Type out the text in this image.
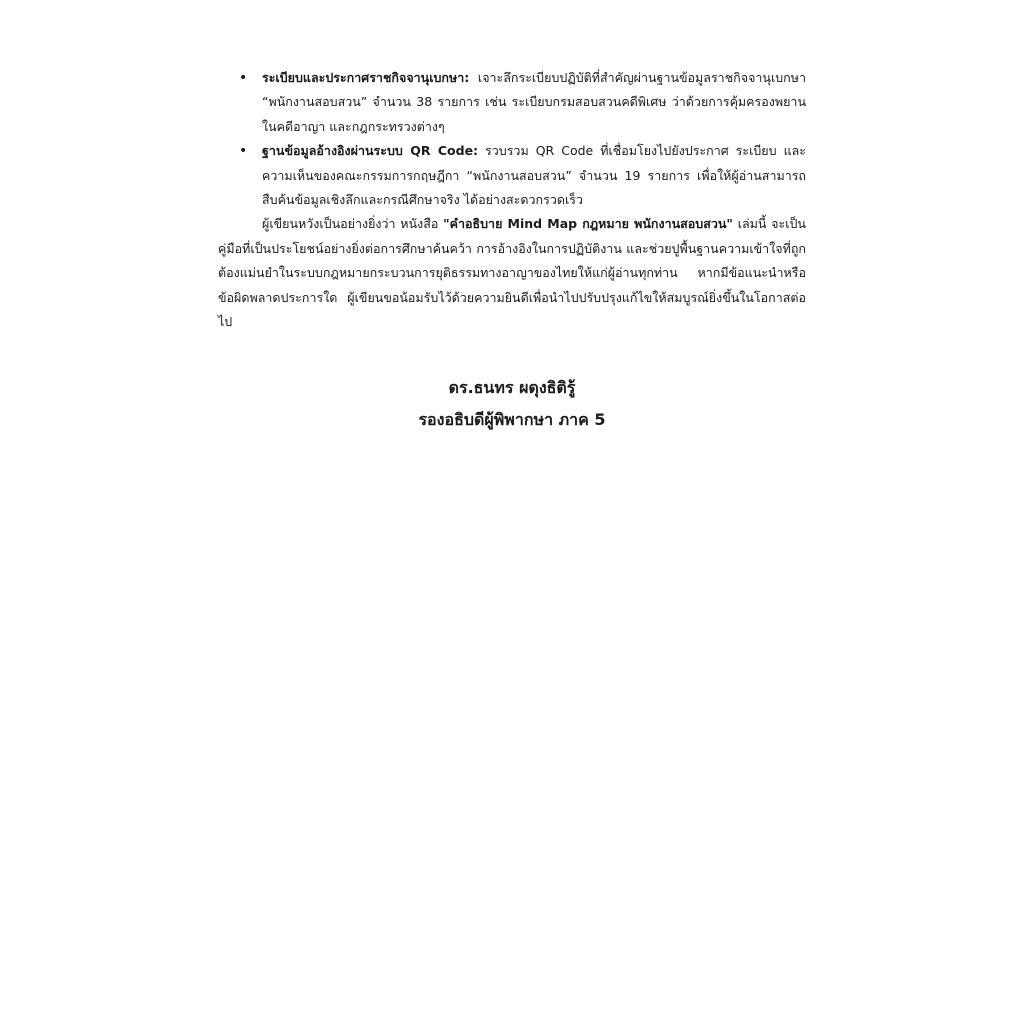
• ระเบียบและประกาศราชกิจจานุเบกษา: เจาะลึกระเบียบปฏิบัติที่สำคัญผ่านฐานข้อมูลราชกิจจานุเบกษา “พนักงานสอบสวน” จำนวน 38 รายการ เช่น ระเบียบกรมสอบสวนคดีพิเศษ ว่าด้วยการคุ้มครองพยานในคดีอาญา และกฎกระทรวงต่างๆ
• ฐานข้อมูลอ้างอิงผ่านระบบ QR Code: รวบรวม QR Code ที่เชื่อมโยงไปยังประกาศ ระเบียบ และความเห็นของคณะกรรมการกฤษฎีกา “พนักงานสอบสวน” จำนวน 19 รายการ เพื่อให้ผู้อ่านสามารถสืบค้นข้อมูลเชิงลึกและกรณีศึกษาจริง ได้อย่างสะดวกรวดเร็ว

ผู้เขียนหวังเป็นอย่างยิ่งว่า หนังสือ "คำอธิบาย Mind Map กฎหมาย พนักงานสอบสวน" เล่มนี้ จะเป็นคู่มือที่เป็นประโยชน์อย่างยิ่งต่อการศึกษาค้นคว้า การอ้างอิงในการปฏิบัติงาน และช่วยปูพื้นฐานความเข้าใจที่ถูกต้องแม่นยำในระบบกฎหมายกระบวนการยุติธรรมทางอาญาของไทยให้แก่ผู้อ่านทุกท่าน หากมีข้อแนะนำหรือข้อผิดพลาดประการใด ผู้เขียนขอน้อมรับไว้ด้วยความยินดีเพื่อนำไปปรับปรุงแก้ไขให้สมบูรณ์ยิ่งขึ้นในโอกาสต่อไป

ดร.ธนทร ผดุงธิติรู้
รองอธิบดีผู้พิพากษา ภาค 5
